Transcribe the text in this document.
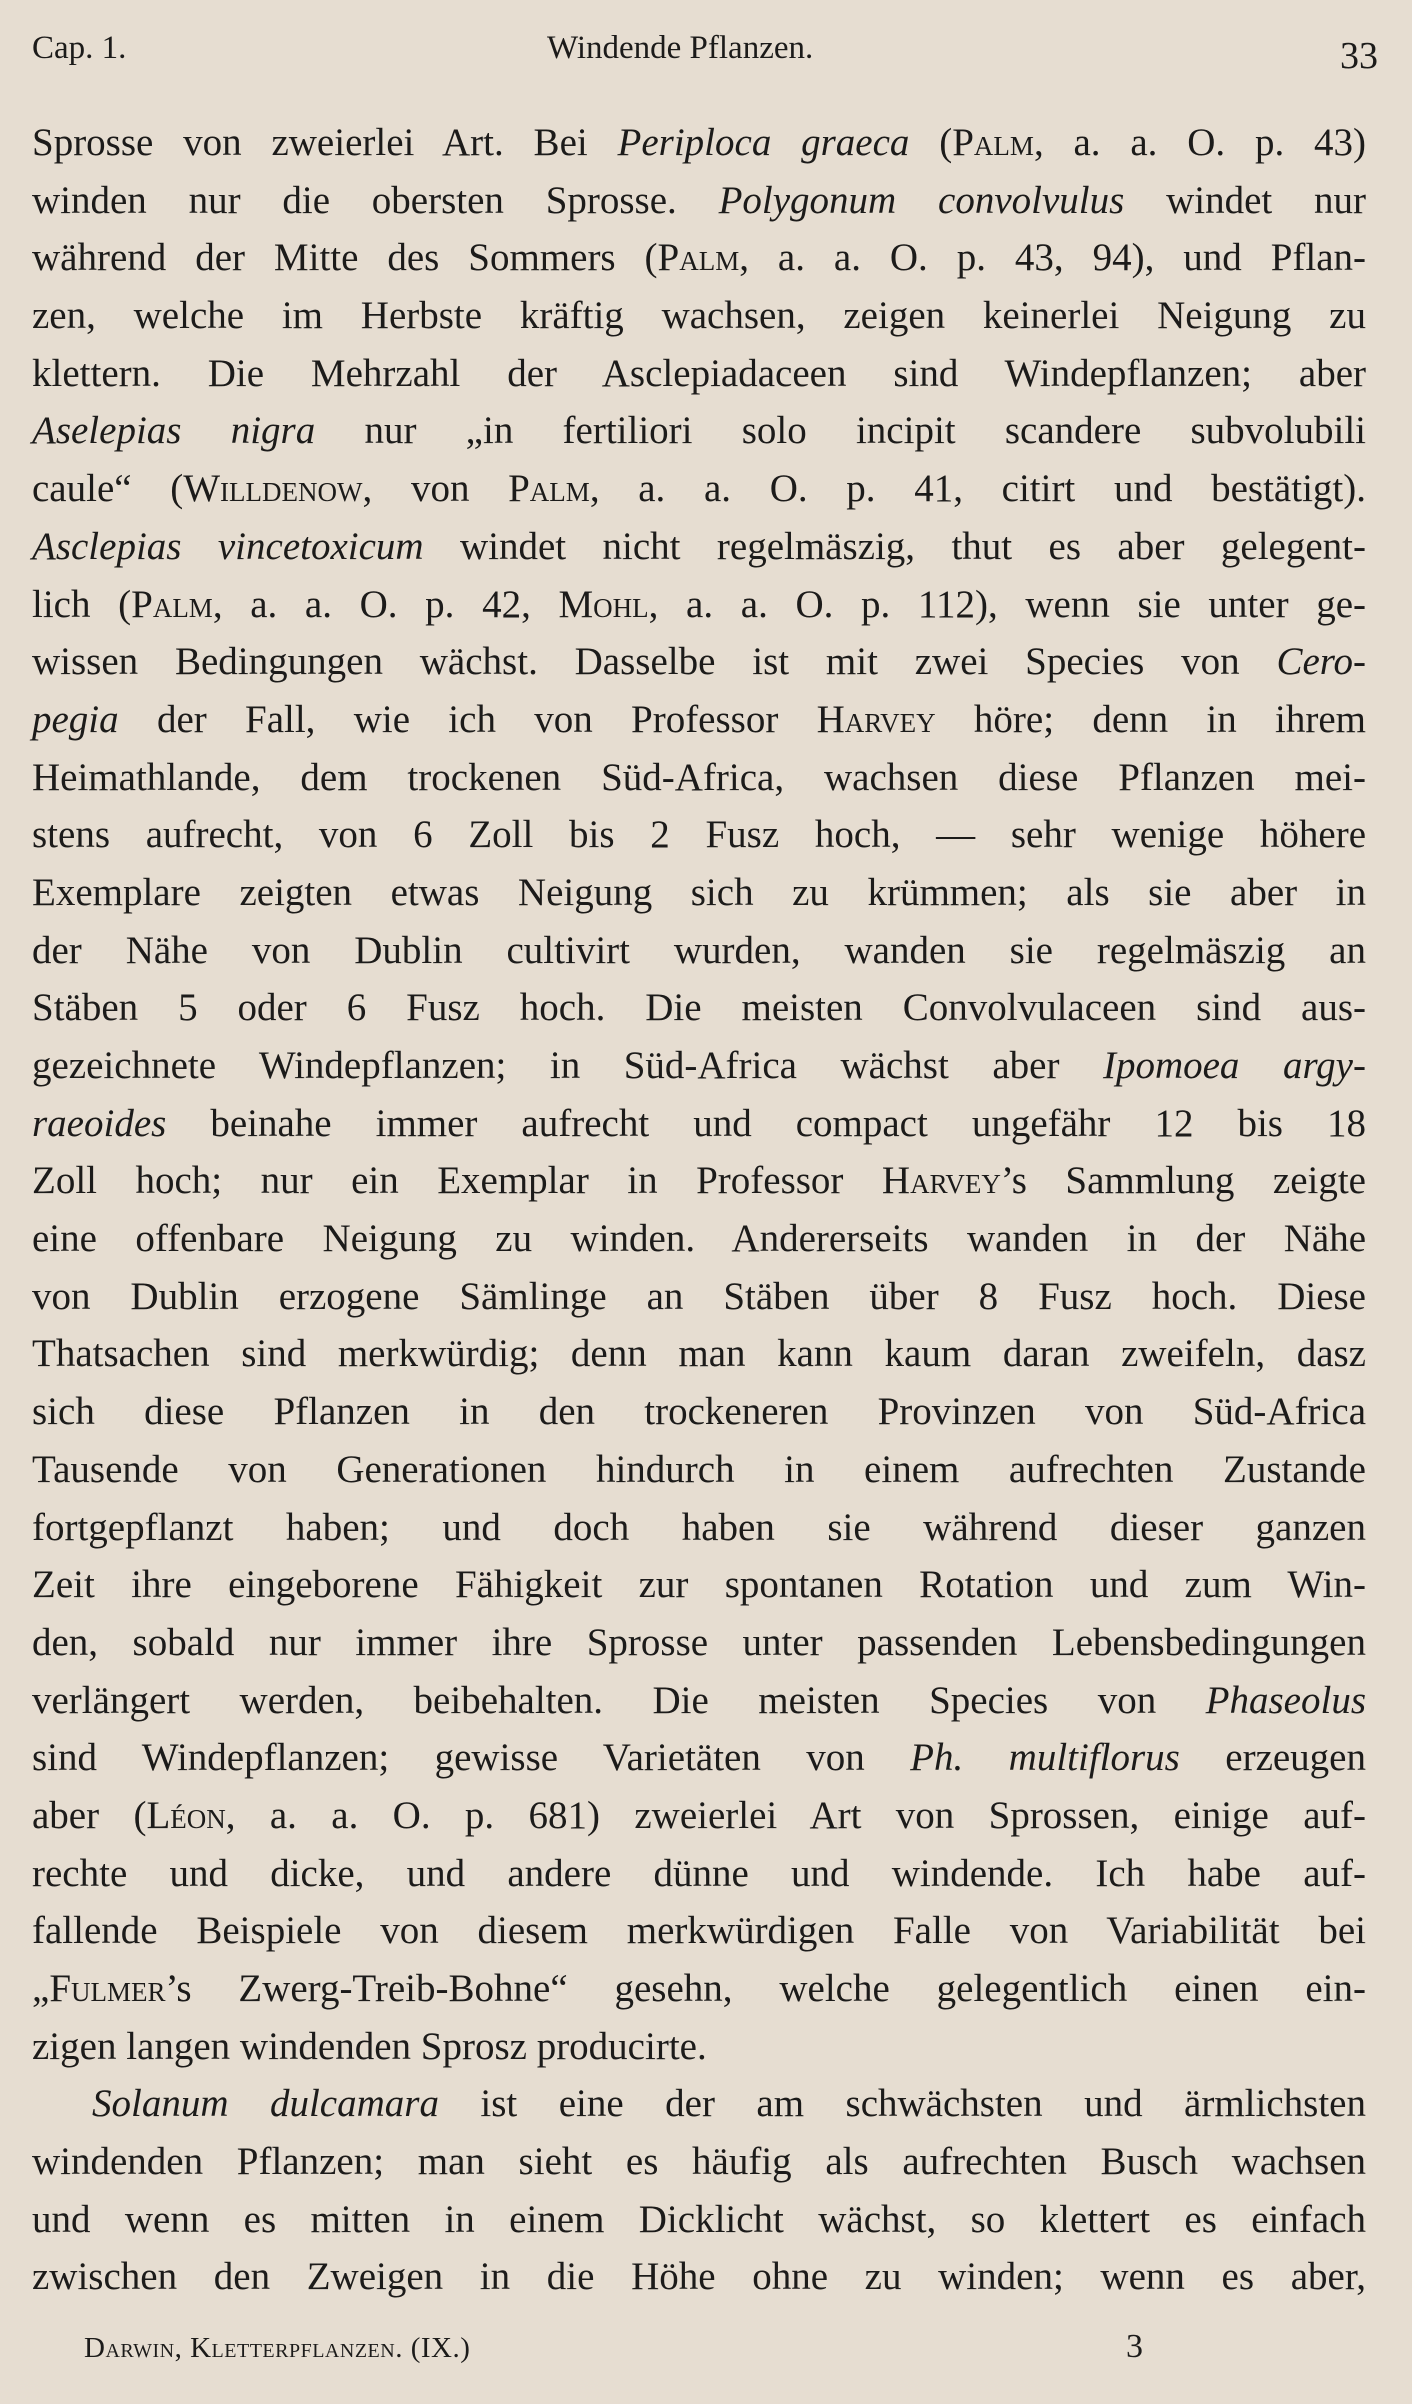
Cap. 1.	Windende Pflanzen.	33
Sprosse von zweierlei Art. Bei Periploca graeca (Palm, a. a. O. p. 43)
winden nur die obersten Sprosse. Polygonum convolvulus windet nur
während der Mitte des Sommers (Palm, a. a. O. p. 43, 94), und Pflan-
zen, welche im Herbste kräftig wachsen, zeigen keinerlei Neigung zu
klettern. Die Mehrzahl der Asclepiadaceen sind Windepflanzen; aber
Aselepias nigra nur „in fertiliori solo incipit scandere subvolubili
caule“ (Willdenow, von Palm, a. a. O. p. 41, citirt und bestätigt).
Asclepias vincetoxicum windet nicht regelmäszig, thut es aber gelegent-
lich (Palm, a. a. O. p. 42, Mohl, a. a. O. p. 112), wenn sie unter ge-
wissen Bedingungen wächst. Dasselbe ist mit zwei Species von Cero-
pegia der Fall, wie ich von Professor Harvey höre; denn in ihrem
Heimathlande, dem trockenen Süd-Africa, wachsen diese Pflanzen mei-
stens aufrecht, von 6 Zoll bis 2 Fusz hoch, — sehr wenige höhere
Exemplare zeigten etwas Neigung sich zu krümmen; als sie aber in
der Nähe von Dublin cultivirt wurden, wanden sie regelmäszig an
Stäben 5 oder 6 Fusz hoch. Die meisten Convolvulaceen sind aus-
gezeichnete Windepflanzen; in Süd-Africa wächst aber Ipomoea argy-
raeoides beinahe immer aufrecht und compact ungefähr 12 bis 18
Zoll hoch; nur ein Exemplar in Professor Harvey’s Sammlung zeigte
eine offenbare Neigung zu winden. Andererseits wanden in der Nähe
von Dublin erzogene Sämlinge an Stäben über 8 Fusz hoch. Diese
Thatsachen sind merkwürdig; denn man kann kaum daran zweifeln, dasz
sich diese Pflanzen in den trockeneren Provinzen von Süd-Africa
Tausende von Generationen hindurch in einem aufrechten Zustande
fortgepflanzt haben; und doch haben sie während dieser ganzen
Zeit ihre eingeborene Fähigkeit zur spontanen Rotation und zum Win-
den, sobald nur immer ihre Sprosse unter passenden Lebensbedingungen
verlängert werden, beibehalten. Die meisten Species von Phaseolus
sind Windepflanzen; gewisse Varietäten von Ph. multiflorus erzeugen
aber (Léon, a. a. O. p. 681) zweierlei Art von Sprossen, einige auf-
rechte und dicke, und andere dünne und windende. Ich habe auf-
fallende Beispiele von diesem merkwürdigen Falle von Variabilität bei
„Fulmer’s Zwerg-Treib-Bohne“ gesehn, welche gelegentlich einen ein-
zigen langen windenden Sprosz producirte.
Solanum dulcamara ist eine der am schwächsten und ärmlichsten
windenden Pflanzen; man sieht es häufig als aufrechten Busch wachsen
und wenn es mitten in einem Dicklicht wächst, so klettert es einfach
zwischen den Zweigen in die Höhe ohne zu winden; wenn es aber,
Darwin, Kletterpflanzen. (IX.)	3
